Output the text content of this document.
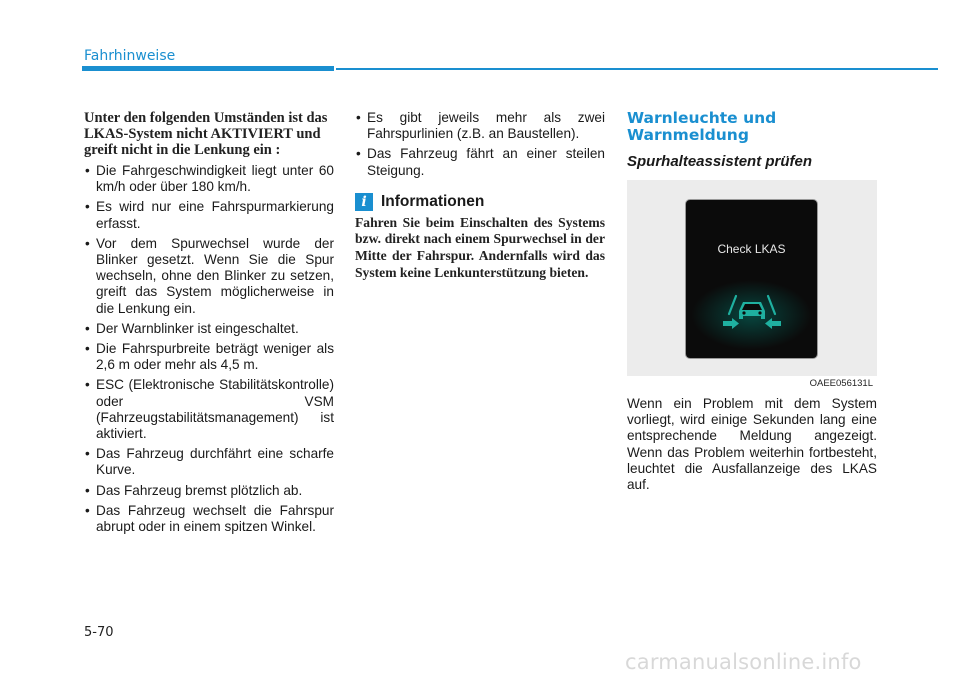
Fahrhinweise

Unter den folgenden Umständen ist das LKAS-System nicht AKTIVIERT und greift nicht in die Lenkung ein :

• Die Fahrgeschwindigkeit liegt unter 60 km/h oder über 180 km/h.
• Es wird nur eine Fahrspurmarkierung erfasst.
• Vor dem Spurwechsel wurde der Blinker gesetzt. Wenn Sie die Spur wechseln, ohne den Blinker zu setzen, greift das System möglicherweise in die Lenkung ein.
• Der Warnblinker ist eingeschaltet.
• Die Fahrspurbreite beträgt weniger als 2,6 m oder mehr als 4,5 m.
• ESC (Elektronische Stabilitätskontrolle) oder VSM (Fahrzeugstabilitätsmanagement) ist aktiviert.
• Das Fahrzeug durchfährt eine scharfe Kurve.
• Das Fahrzeug bremst plötzlich ab.
• Das Fahrzeug wechselt die Fahrspur abrupt oder in einem spitzen Winkel.
• Es gibt jeweils mehr als zwei Fahrspurlinien (z.B. an Baustellen).
• Das Fahrzeug fährt an einer steilen Steigung.
i Informationen

Fahren Sie beim Einschalten des Systems bzw. direkt nach einem Spurwechsel in der Mitte der Fahrspur. Andernfalls wird das System keine Lenkunterstützung bieten.

Warnleuchte und Warnmeldung
Spurhalteassistent prüfen
Check LKAS
OAEE056131L

Wenn ein Problem mit dem System vorliegt, wird einige Sekunden lang eine entsprechende Meldung angezeigt. Wenn das Problem weiterhin fortbesteht, leuchtet die Ausfallanzeige des LKAS auf.

5-70
carmanualsonline.info
